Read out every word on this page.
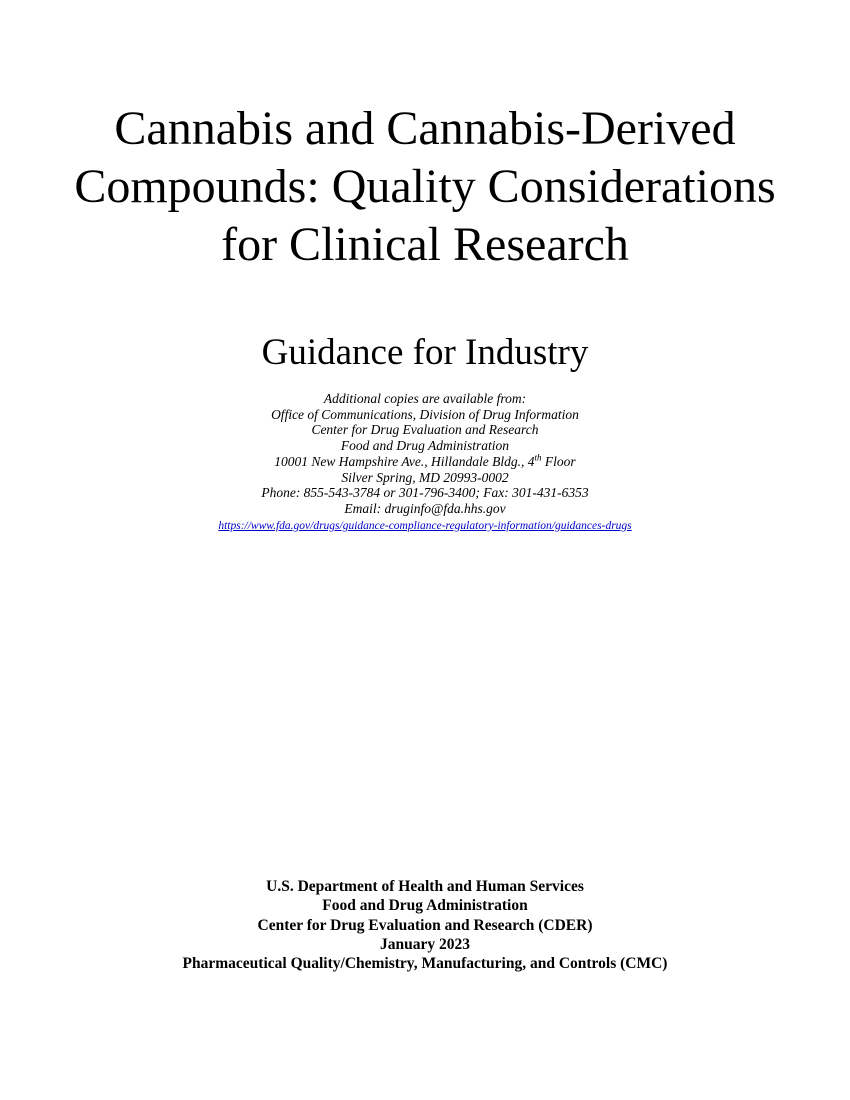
Cannabis and Cannabis-Derived Compounds: Quality Considerations for Clinical Research
Guidance for Industry
Additional copies are available from:
Office of Communications, Division of Drug Information
Center for Drug Evaluation and Research
Food and Drug Administration
10001 New Hampshire Ave., Hillandale Bldg., 4th Floor
Silver Spring, MD 20993-0002
Phone: 855-543-3784 or 301-796-3400; Fax: 301-431-6353
Email: druginfo@fda.hhs.gov
https://www.fda.gov/drugs/guidance-compliance-regulatory-information/guidances-drugs
U.S. Department of Health and Human Services
Food and Drug Administration
Center for Drug Evaluation and Research (CDER)
January 2023
Pharmaceutical Quality/Chemistry, Manufacturing, and Controls (CMC)
